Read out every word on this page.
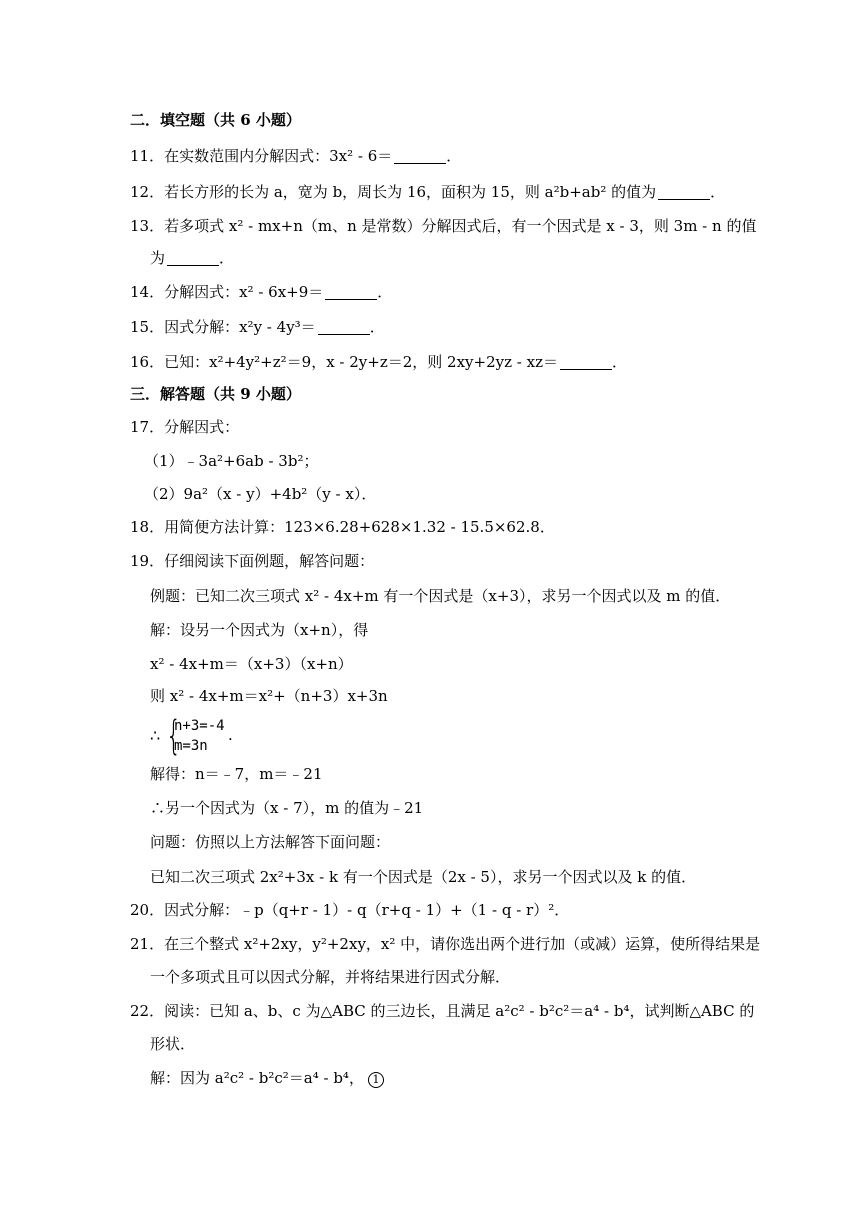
二．填空题（共 6 小题）
11．在实数范围内分解因式：3x² ‑ 6＝	．
12．若长方形的长为 a，宽为 b，周长为 16，面积为 15，则 a²b+ab² 的值为	．
13．若多项式 x² ‑ mx+n（m、n 是常数）分解因式后，有一个因式是 x ‑ 3，则 3m ‑ n 的值
为	．
14．分解因式：x² ‑ 6x+9＝	．
15．因式分解：x²y ‑ 4y³＝	．
16．已知：x²+4y²+z²＝9，x ‑ 2y+z＝2，则 2xy+2yz ‑ xz＝	．
三．解答题（共 9 小题）
17．分解因式：
（1）﹣3a²+6ab ‑ 3b²；
（2）9a²（x ‑ y）+4b²（y ‑ x）．
18．用简便方法计算：123×6.28+628×1.32 ‑ 15.5×62.8．
19．仔细阅读下面例题，解答问题：
例题：已知二次三项式 x² ‑ 4x+m 有一个因式是（x+3），求另一个因式以及 m 的值．
解：设另一个因式为（x+n），得
x² ‑ 4x+m＝（x+3）（x+n）
则 x² ‑ 4x+m＝x²+（n+3）x+3n
∴ {
n+3=-4
m=3n
.
解得：n＝﹣7，m＝﹣21
∴另一个因式为（x ‑ 7），m 的值为﹣21
问题：仿照以上方法解答下面问题：
已知二次三项式 2x²+3x ‑ k 有一个因式是（2x ‑ 5），求另一个因式以及 k 的值．
20．因式分解：﹣p（q+r ‑ 1）‑ q（r+q ‑ 1）+（1 ‑ q ‑ r）²．
21．在三个整式 x²+2xy，y²+2xy，x² 中，请你选出两个进行加（或减）运算，使所得结果是
一个多项式且可以因式分解，并将结果进行因式分解．
22．阅读：已知 a、b、c 为△ABC 的三边长，且满足 a²c² ‑ b²c²＝a⁴ ‑ b⁴，试判断△ABC 的
形状．
解：因为 a²c² ‑ b²c²＝a⁴ ‑ b⁴， 1
